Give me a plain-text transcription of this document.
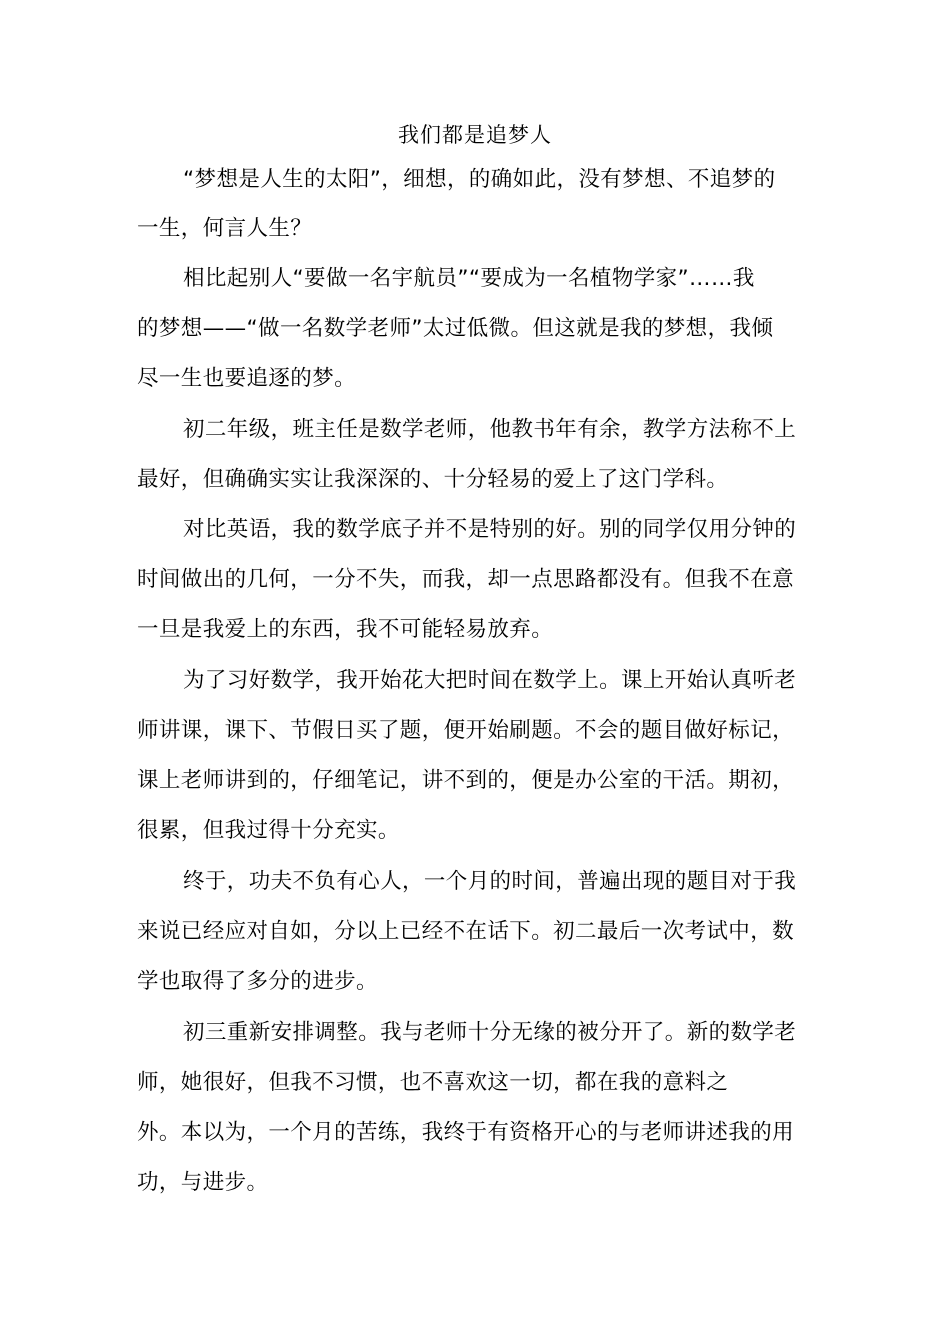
我们都是追梦人
“梦想是人生的太阳”，细想，的确如此，没有梦想、不追梦的
一生，何言人生？
相比起别人“要做一名宇航员”“要成为一名植物学家”……我
的梦想——“做一名数学老师”太过低微。但这就是我的梦想，我倾
尽一生也要追逐的梦。
初二年级，班主任是数学老师，他教书年有余，教学方法称不上
最好，但确确实实让我深深的、十分轻易的爱上了这门学科。
对比英语，我的数学底子并不是特别的好。别的同学仅用分钟的
时间做出的几何，一分不失，而我，却一点思路都没有。但我不在意
一旦是我爱上的东西，我不可能轻易放弃。
为了习好数学，我开始花大把时间在数学上。课上开始认真听老
师讲课，课下、节假日买了题，便开始刷题。不会的题目做好标记，
课上老师讲到的，仔细笔记，讲不到的，便是办公室的干活。期初，
很累，但我过得十分充实。
终于，功夫不负有心人，一个月的时间，普遍出现的题目对于我
来说已经应对自如，分以上已经不在话下。初二最后一次考试中，数
学也取得了多分的进步。
初三重新安排调整。我与老师十分无缘的被分开了。新的数学老
师，她很好，但我不习惯，也不喜欢这一切，都在我的意料之
外。本以为，一个月的苦练，我终于有资格开心的与老师讲述我的用
功，与进步。
